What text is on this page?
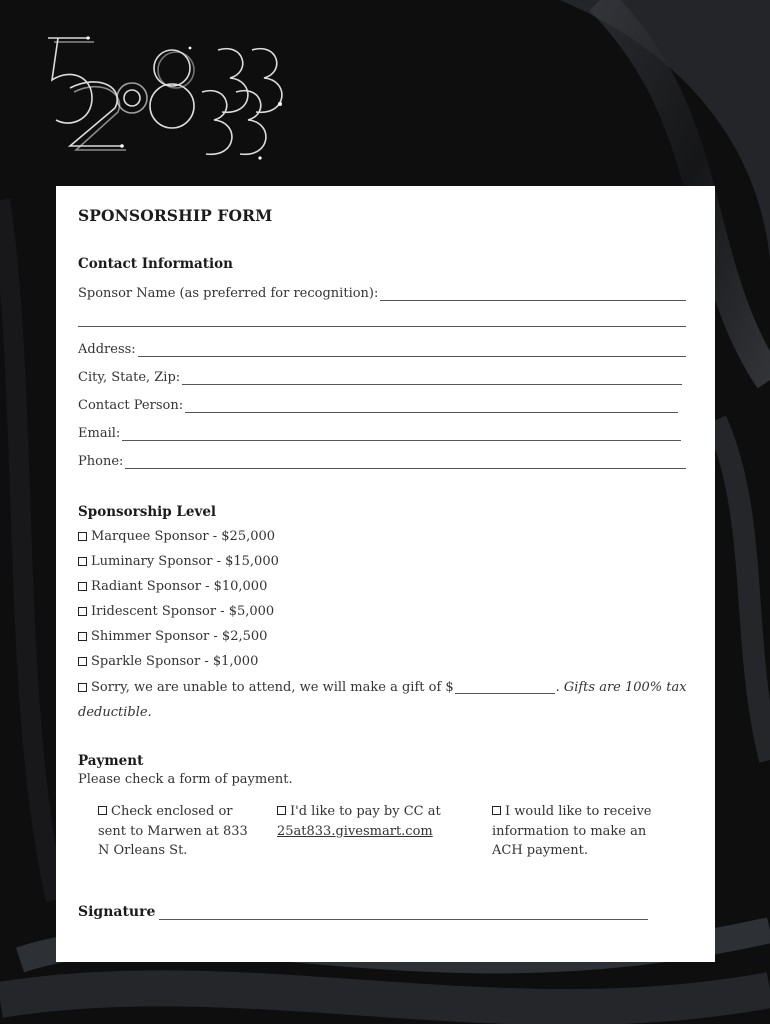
SPONSORSHIP FORM
Contact Information
Sponsor Name (as preferred for recognition):
Address:
City, State, Zip:
Contact Person:
Email:
Phone:
Sponsorship Level
Marquee Sponsor - $25,000
Luminary Sponsor - $15,000
Radiant Sponsor - $10,000
Iridescent Sponsor - $5,000
Shimmer Sponsor - $2,500
Sparkle Sponsor - $1,000
Sorry, we are unable to attend, we will make a gift of $	. Gifts are 100% tax
deductible.
Payment
Please check a form of payment.
Check enclosed or
sent to Marwen at 833
N Orleans St.
I'd like to pay by CC at
25at833.givesmart.com
I would like to receive
information to make an
ACH payment.
Signature
